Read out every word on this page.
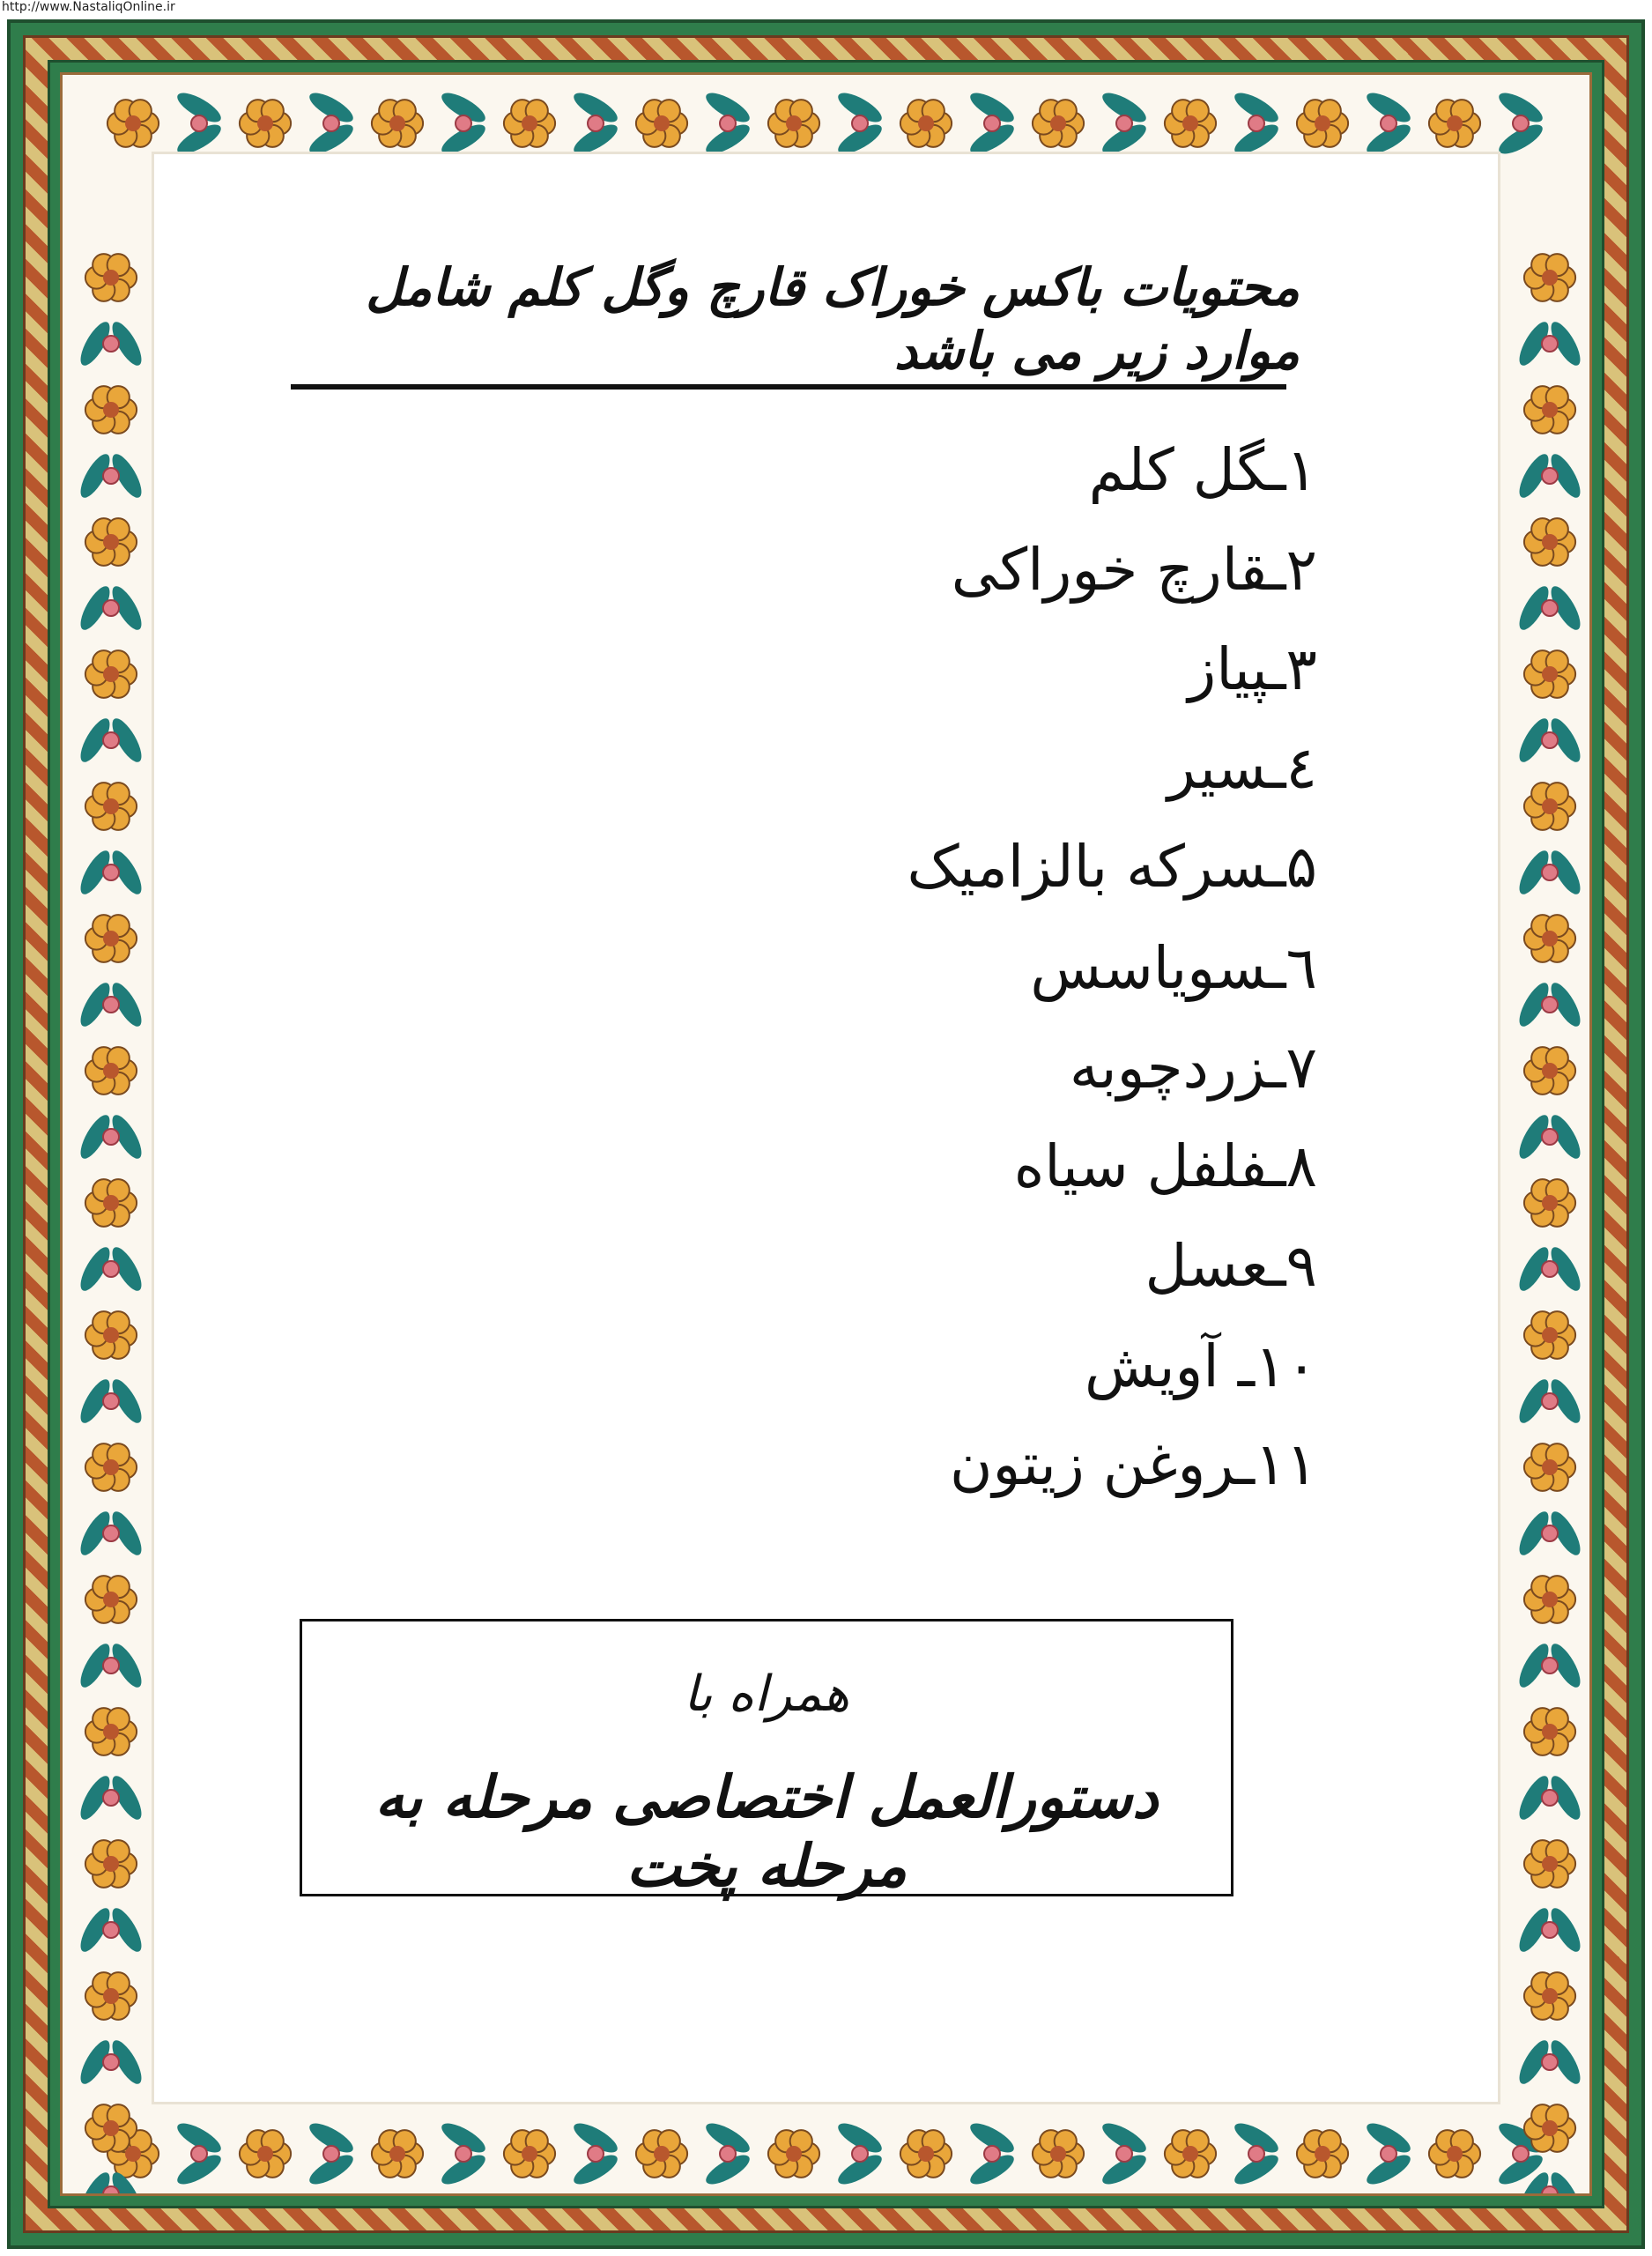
http://www.NastaliqOnline.ir
محتویات باکس خوراک قارچ وگل کلم شامل موارد زیر می باشد
۱ـگل کلم
۲ـقارچ خوراکی
۳ـپیاز
٤ـسیر
۵ـسرکه بالزامیک
٦ـسویاسس
۷ـزردچوبه
۸ـفلفل سیاه
۹ـعسل
۱۰ـ آویش
۱۱ـروغن زیتون
همراه با
دستورالعمل اختصاصی مرحله به مرحله پخت
